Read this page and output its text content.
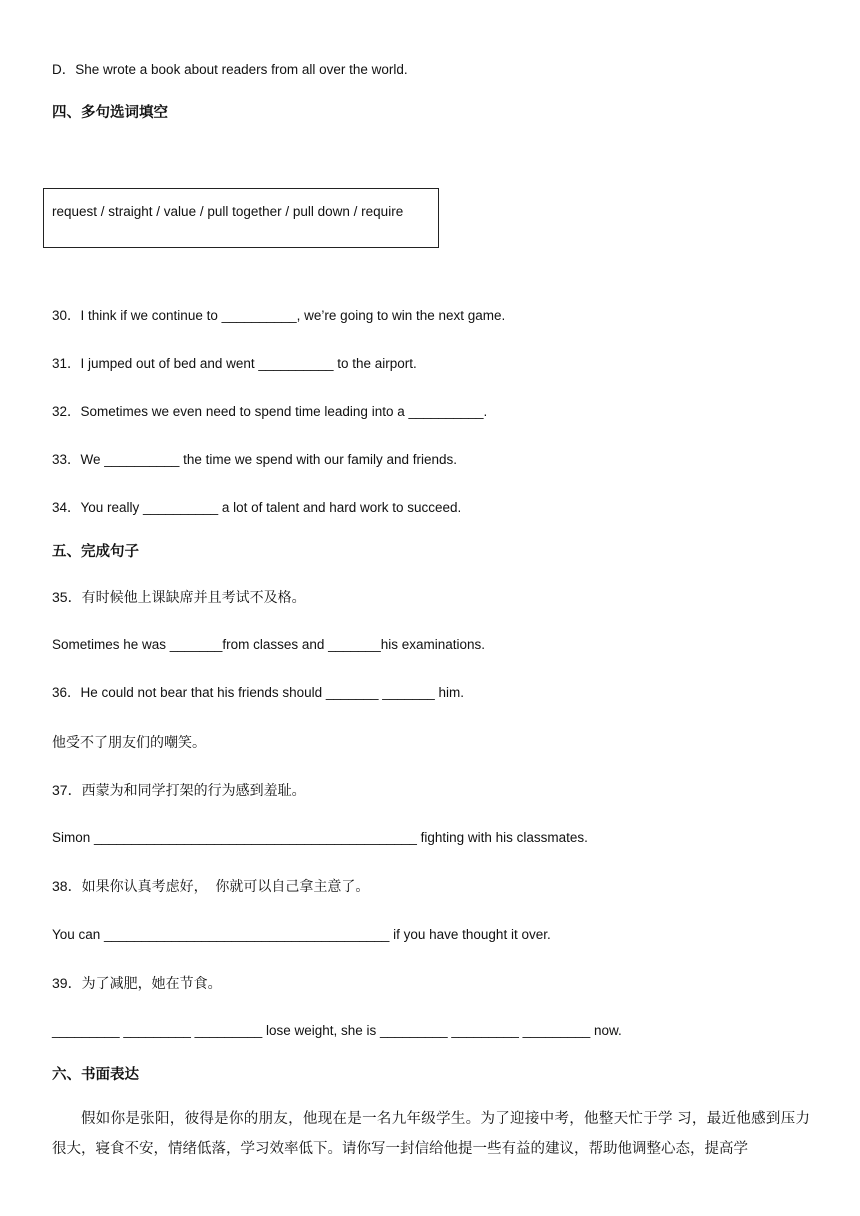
D．She wrote a book about readers from all over the world.
四、多句选词填空
request / straight / value / pull together / pull down / require
30．I think if we continue to __________, we’re going to win the next game.
31．I jumped out of bed and went __________ to the airport.
32．Sometimes we even need to spend time leading into a __________.
33．We __________ the time we spend with our family and friends.
34．You really __________ a lot of talent and hard work to succeed.
五、完成句子
35．有时候他上课缺席并且考试不及格。
Sometimes he was _______from classes and _______his examinations.
36．He could not bear that his friends should _______ _______ him.
他受不了朋友们的嘲笑。
37．西蒙为和同学打架的行为感到羞耻。
Simon ___________________________________________ fighting with his classmates.
38．如果你认真考虑好，  你就可以自己拿主意了。
You can ______________________________________ if you have thought it over.
39．为了减肥，她在节食。
_________ _________ _________ lose weight, she is _________ _________ _________ now.
六、书面表达
假如你是张阳，彼得是你的朋友，他现在是一名九年级学生。为了迎接中考，他整天忙于学 习，最近他感到压力很大，寝食不安，情绪低落，学习效率低下。请你写一封信给他提一些有益的建议，帮助他调整心态，提高学
